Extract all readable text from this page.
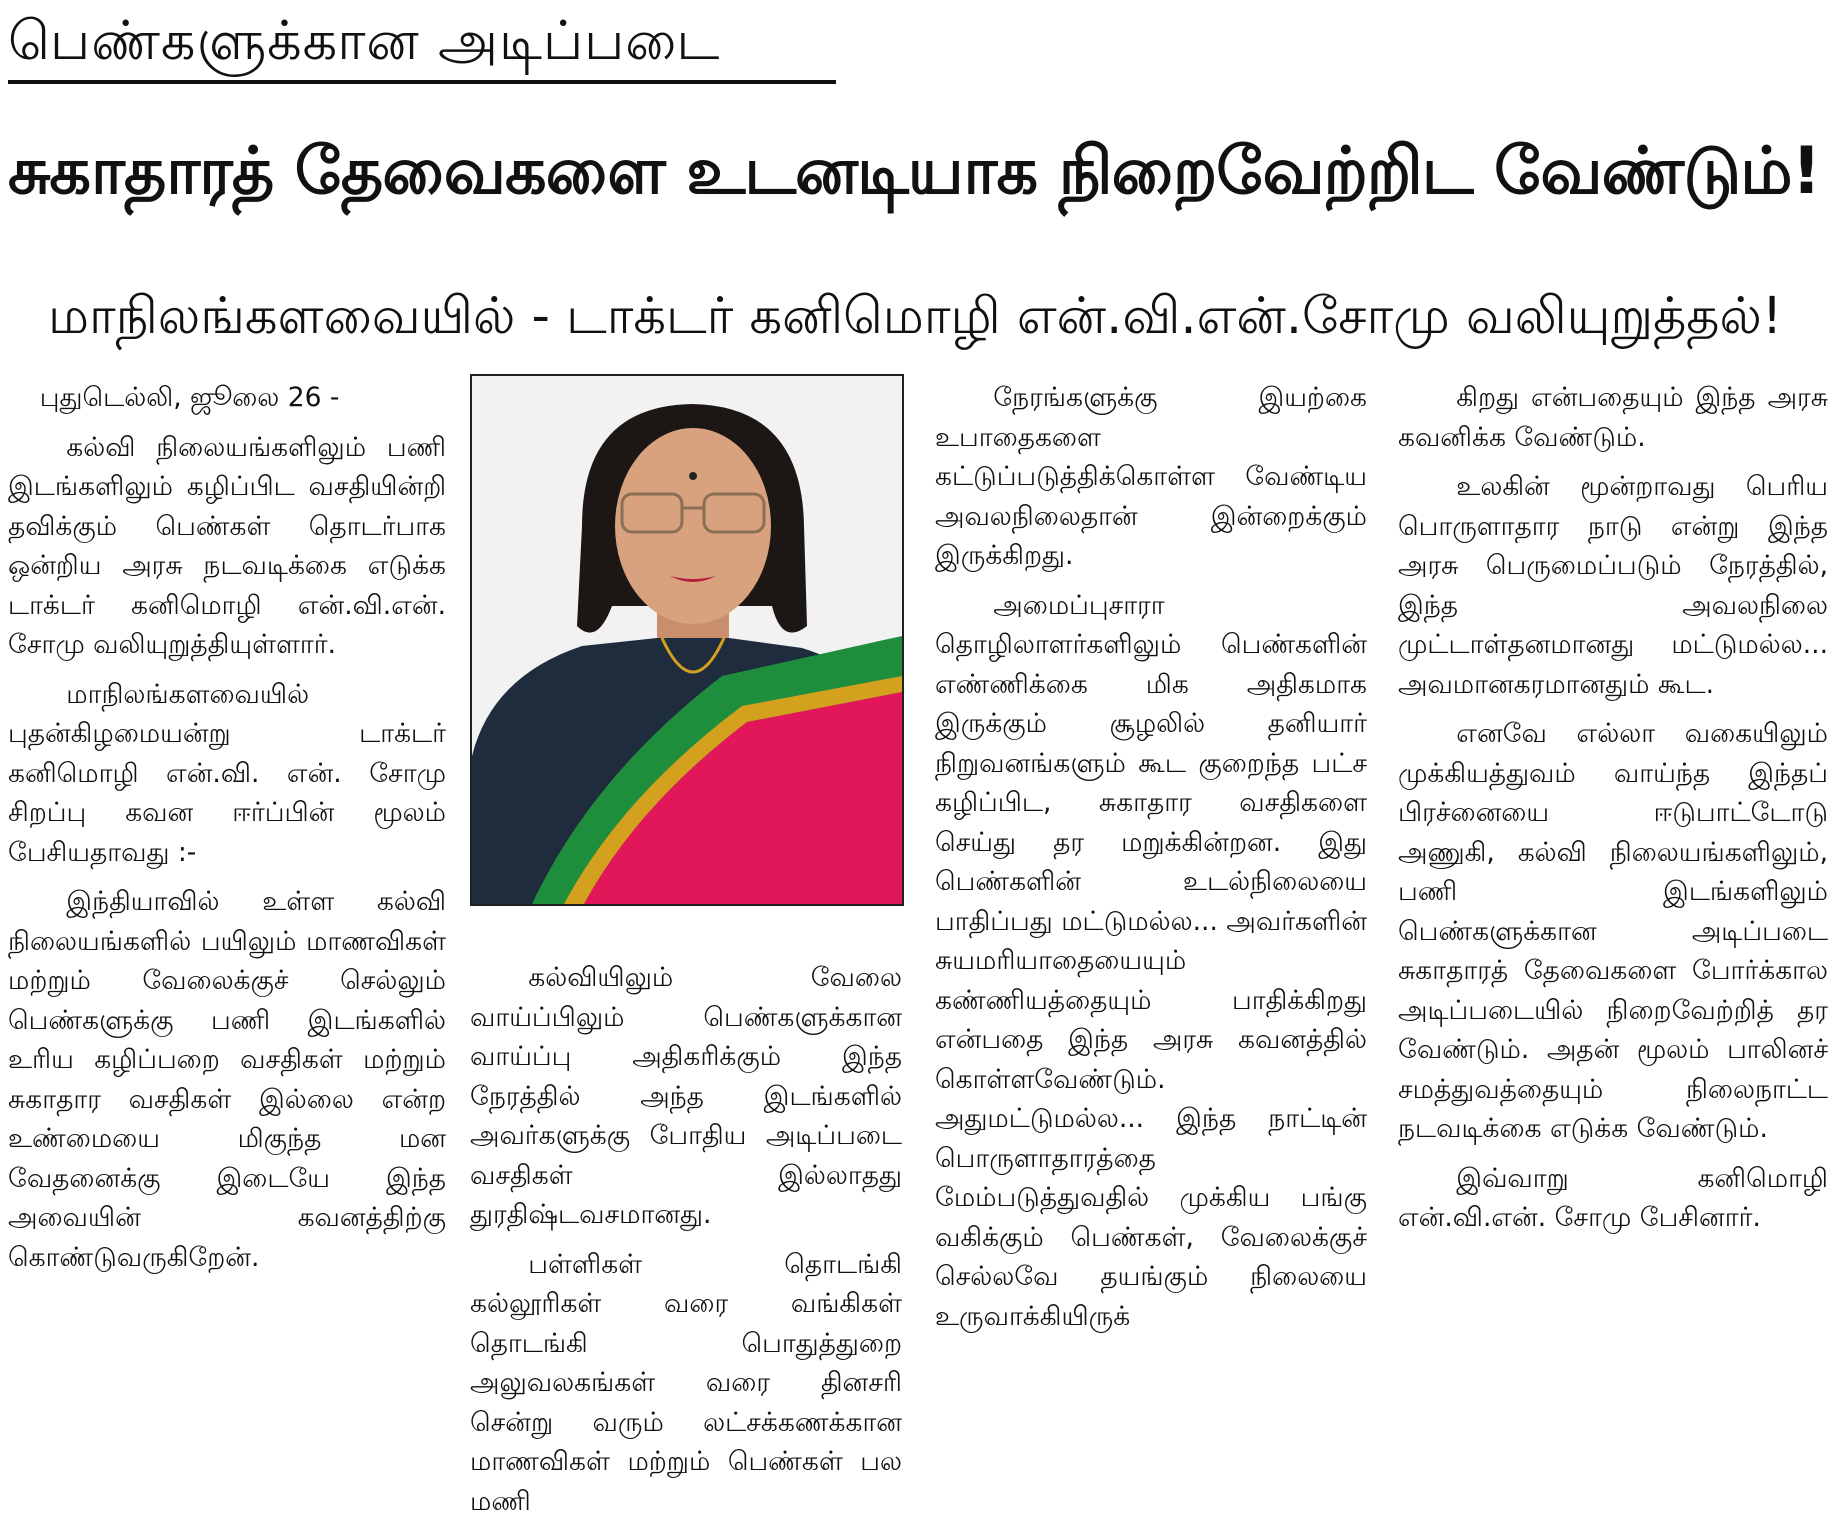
பெண்களுக்கான அடிப்படை
சுகாதாரத் தேவைகளை உடனடியாக நிறைவேற்றிட வேண்டும்!
மாநிலங்களவையில் - டாக்டர் கனிமொழி என்.வி.என்.சோமு வலியுறுத்தல்!

புதுடெல்லி, ஜூலை 26 -

கல்வி நிலையங்களிலும் பணி இடங்களிலும் கழிப்பிட வசதியின்றி தவிக்கும் பெண்கள் தொடர்பாக ஒன்றிய அரசு நடவடிக்கை எடுக்க டாக்டர் கனிமொழி என்.வி.என். சோமு வலியுறுத்தியுள்ளார்.

மாநிலங்களவையில் புதன்கிழமையன்று டாக்டர் கனிமொழி என்.வி. என். சோமு சிறப்பு கவன ஈர்ப்பின் மூலம் பேசியதாவது :-

இந்தியாவில் உள்ள கல்வி நிலையங்களில் பயிலும் மாணவிகள் மற்றும் வேலைக்குச் செல்லும் பெண்களுக்கு பணி இடங்களில் உரிய கழிப்பறை வசதிகள் மற்றும் சுகாதார வசதிகள் இல்லை என்ற உண்மையை மிகுந்த மன வேதனைக்கு இடையே இந்த அவையின் கவனத்திற்கு கொண்டுவருகிறேன்.

கல்வியிலும் வேலை வாய்ப்பிலும் பெண்களுக்கான வாய்ப்பு அதிகரிக்கும் இந்த நேரத்தில் அந்த இடங்களில் அவர்களுக்கு போதிய அடிப்படை வசதிகள் இல்லாதது துரதிஷ்டவசமானது.

பள்ளிகள் தொடங்கி கல்லூரிகள் வரை வங்கிகள் தொடங்கி பொதுத்துறை அலுவலகங்கள் வரை தினசரி சென்று வரும் லட்சக்கணக்கான மாணவிகள் மற்றும் பெண்கள் பல மணி

நேரங்களுக்கு இயற்கை உபாதைகளை கட்டுப்படுத்திக்கொள்ள வேண்டிய அவலநிலைதான் இன்றைக்கும் இருக்கிறது.

அமைப்புசாரா தொழிலாளர்களிலும் பெண்களின் எண்ணிக்கை மிக அதிகமாக இருக்கும் சூழலில் தனியார் நிறுவனங்களும் கூட குறைந்த பட்ச கழிப்பிட, சுகாதார வசதிகளை செய்து தர மறுக்கின்றன. இது பெண்களின் உடல்நிலையை பாதிப்பது மட்டுமல்ல... அவர்களின் சுயமரியாதையையும் கண்ணியத்தையும் பாதிக்கிறது என்பதை இந்த அரசு கவனத்தில் கொள்ளவேண்டும். அதுமட்டுமல்ல... இந்த நாட்டின் பொருளாதாரத்தை மேம்படுத்துவதில் முக்கிய பங்கு வகிக்கும் பெண்கள், வேலைக்குச் செல்லவே தயங்கும் நிலையை உருவாக்கியிருக்

கிறது என்பதையும் இந்த அரசு கவனிக்க வேண்டும்.

உலகின் மூன்றாவது பெரிய பொருளாதார நாடு என்று இந்த அரசு பெருமைப்படும் நேரத்தில், இந்த அவலநிலை முட்டாள்தனமானது மட்டுமல்ல... அவமானகரமானதும் கூட.

எனவே எல்லா வகையிலும் முக்கியத்துவம் வாய்ந்த இந்தப் பிரச்னையை ஈடுபாட்டோடு அணுகி, கல்வி நிலையங்களிலும், பணி இடங்களிலும் பெண்களுக்கான அடிப்படை சுகாதாரத் தேவைகளை போர்க்கால அடிப்படையில் நிறைவேற்றித் தர வேண்டும். அதன் மூலம் பாலினச் சமத்துவத்தையும் நிலைநாட்ட நடவடிக்கை எடுக்க வேண்டும்.

இவ்வாறு கனிமொழி என்.வி.என். சோமு பேசினார்.
